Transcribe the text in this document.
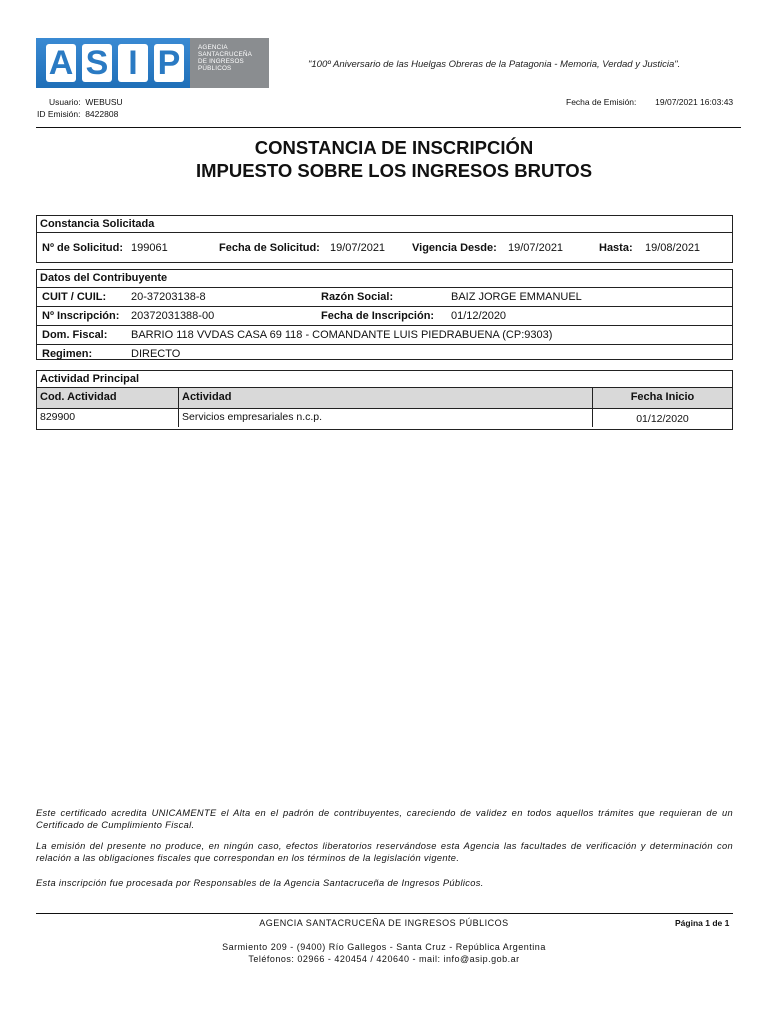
A S I P	AGENCIA
SANTACRUCEÑA
DE INGRESOS
PÚBLICOS	"100º Aniversario de las Huelgas Obreras de la Patagonia - Memoria, Verdad y Justicia".
Usuario: WEBUSU
ID Emisión: 8422808
Fecha de Emisión: 19/07/2021 16:03:43
CONSTANCIA DE INSCRIPCIÓN
IMPUESTO SOBRE LOS INGRESOS BRUTOS
Constancia Solicitada
Nº de Solicitud: 199061	Fecha de Solicitud: 19/07/2021 Vigencia Desde: 19/07/2021	Hasta: 19/08/2021
Datos del Contribuyente
CUIT / CUIL: 20-37203138-8	Razón Social:	BAIZ JORGE EMMANUEL
Nº Inscripción: 20372031388-00	Fecha de Inscripción: 01/12/2020
Dom. Fiscal: BARRIO 118 VVDAS CASA 69 118 - COMANDANTE LUIS PIEDRABUENA (CP:9303)
Regimen:	DIRECTO
Actividad Principal
Cod. Actividad	Actividad	Fecha Inicio
829900	Servicios empresariales n.c.p.	01/12/2020
Este certificado acredita UNICAMENTE el Alta en el padrón de contribuyentes, careciendo de validez en todos aquellos trámites que requieran de un Certificado de Cumplimiento Fiscal.
La emisión del presente no produce, en ningún caso, efectos liberatorios reservándose esta Agencia las facultades de verificación y determinación con relación a las obligaciones fiscales que correspondan en los términos de la legislación vigente.
Esta inscripción fue procesada por Responsables de la Agencia Santacruceña de Ingresos Públicos.
AGENCIA SANTACRUCEÑA DE INGRESOS PÚBLICOS	Página 1 de 1
Sarmiento 209 - (9400) Río Gallegos - Santa Cruz - República Argentina
Teléfonos: 02966 - 420454 / 420640 - mail: info@asip.gob.ar
